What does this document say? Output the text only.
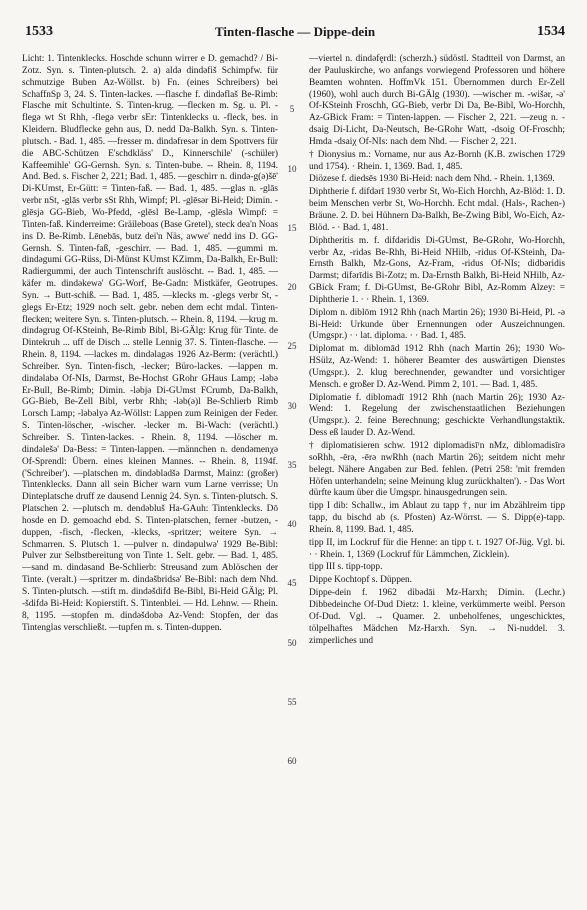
1533	Tinten-flasche — Dippe-dein	1534

Licht: 1. Tintenklecks. Hoschde schunn wirrer e D. gemachd? / Bi-Zotz. Syn. s. Tinten-plutsch. 2. a) aldə dindəfiš Schimpfw. für schmutzige Buben Az-Wöllst. b) Fn. (eines Schreibers) bei SchaffnSp 3, 24. S. Tinten-lackes. —flasche f. dindəflaš Be-Rimb: Flasche mit Schultinte. S. Tinten-krug. —flecken m. Sg. u. Pl. -flegə wt St Rhh, -flegə verbr sEr: Tintenklecks u. -fleck, bes. in Kleidern. Bludflecke gehn aus, D. nedd Da-Balkh. Syn. s. Tinten-plutsch. - Bad. 1, 485. —fresser m. dindəfresər in dem Spottvers für die ABC-Schützen E'schdkläss' D., Kinnerschile' (-schüler) Kaffeemihle' GG-Gernsh. Syn. s. Tinten-bube. -- Rhein. 8, 1194. And. Bed. s. Fischer 2, 221; Bad. 1, 485. —geschirr n. dində-g(ə)šē' Di-KUmst, Er-Gütt: = Tinten-faß. — Bad. 1, 485. —glas n. -glās verbr nSt, -glās verbr sSt Rhh, Wimpf; Pl. -glēsər Bi-Heid; Dimin. -glēsjə GG-Bieb, Wo-Pfedd, -glēsl Be-Lamp, -glēslə Wimpf: = Tinten-faß. Kinderreime: Gräileboas (Base Gretel), steck dea'n Noas ins D. Be-Rimb. Lēnebās, butz dei'n Näs, awwe' nedd ins D. GG-Gernsh. S. Tinten-faß, -geschirr. — Bad. 1, 485. —gummi m. dindəgumi GG-Rüss, Di-Münst KUmst KZimm, Da-Balkh, Er-Bull: Radiergummi, der auch Tintenschrift auslöscht. -- Bad. 1, 485. —käfer m. dindəkewə' GG-Worf, Be-Gadn: Mistkäfer, Geotrupes. Syn. → Butt-schiß. — Bad. 1, 485. —klecks m. -glegs verbr St, -glegs Er-Etz; 1929 noch selt. gebr. neben dem echt mdal. Tinten-flecken; weitere Syn. s. Tinten-plutsch. -- Rhein. 8, 1194. —krug m. dindəgrug Of-KSteinh, Be-Rimb Bibl, Bi-GÄlg: Krug für Tinte. de Dintekruh ... uff de Disch ... stelle Lennig 37. S. Tinten-flasche. — Rhein. 8, 1194. —lackes m. dindəlagəs 1926 Az-Berm: (verächtl.) Schreiber. Syn. Tinten-fisch, -lecker; Büro-lackes. —lappen m. dindəlabə Of-NIs, Darmst, Be-Hochst GRohr GHaus Lamp; -ləbə Er-Bull, Be-Rimb; Dimin. -ləbjə Di-GUmst FCrumb, Da-Balkh, GG-Bieb, Be-Zell Bibl, verbr Rhh; -ləb(ə)l Be-Schlierb Rimb Lorsch Lamp; -ləbəlyə Az-Wöllst: Lappen zum Reinigen der Feder. S. Tinten-löscher, -wischer. -lecker m. Bi-Wach: (verächtl.) Schreiber. S. Tinten-lackes. - Rhein. 8, 1194. —löscher m. dindəlešə' Da-Bess: = Tinten-lappen. —männchen n. dendəmenχə Of-Sprendl: Übern. eines kleinen Mannes. -- Rhein. 8, 1194f. ('Schreiber'). —platschen m. dindəbladšə Darmst, Mainz: (großer) Tintenklecks. Dann all sein Bicher warn vum Larne verrisse; Un Dinteplatsche druff ze dausend Lennig 24. Syn. s. Tinten-plutsch. S. Platschen 2. —plutsch m. dendəbluš Ha-GAuh: Tintenklecks. Dō hosde en D. gemoachd ebd. S. Tinten-platschen, ferner -butzen, -duppen, -fisch, -flecken, -klecks, -spritzer; weitere Syn. → Schmarren. S. Plutsch 1. —pulver n. dindəpulwə' 1929 Be-Bibl: Pulver zur Selbstbereitung von Tinte 1. Selt. gebr. — Bad. 1, 485. —sand m. dindəsand Be-Schlierb: Streusand zum Ablöschen der Tinte. (veralt.) —spritzer m. dindəšbridsə' Be-Bibl: nach dem Nhd. S. Tinten-plutsch. —stift m. dindəšdifd Be-Bibl, Bi-Heid GÄlg; Pl. -šdifdə Bi-Heid: Kopierstift. S. Tintenblei. — Hd. Lehnw. — Rhein. 8, 1195. —stopfen m. dindəšdobə Az-Vend: Stopfen, der das Tintenglas verschließt. —tupfen m. s. Tinten-duppen.

5
10
15
20
25
30
35
40
45
50
55
60

—viertel n. dindəfęrdl: (scherzh.) südöstl. Stadtteil von Darmst, an der Pauluskirche, wo anfangs vorwiegend Professoren und höhere Beamten wohnten. HoffmVk 151. Übernommen durch Er-Zell (1960), wohl auch durch Bi-GÄlg (1930). —wischer m. -wišər, -ə' Of-KSteinh Froschh, GG-Bieb, verbr Di Da, Be-Bibl, Wo-Horchh, Az-GBick Fram: = Tinten-lappen. — Fischer 2, 221. —zeug n. -dsaig Di-Licht, Da-Neutsch, Be-GRohr Watt, -dsoig Of-Froschh; Hmda -dsaiχ Of-NIs: nach dem Nhd. — Fischer 2, 221.

† Dionysius m.: Vorname, nur aus Az-Bornh (K.B. zwischen 1729 und 1754). · Rhein. 1, 1369. Bad. 1, 485.

Diözese f. diedsēs 1930 Bi-Heid: nach dem Nhd. - Rhein. 1,1369.

Diphtherie f. difdərī 1930 verbr St, Wo-Eich Horchh, Az-Blöd: 1. D. beim Menschen verbr St, Wo-Horchh. Echt mdal. (Hals-, Rachen-) Bräune. 2. D. bei Hühnern Da-Balkh, Be-Zwing Bibl, Wo-Eich, Az-Blöd. - · Bad. 1, 481.

Diphtheritis m. f. difdəridis Di-GUmst, Be-GRohr, Wo-Horchh, verbr Az, -ridəs Be-Rhh, Bi-Heid NHilb, -ridus Of-KSteinh, Da-Ernsth Balkh, Mz-Gons, Az-Fram, -ridus Of-NIs; didbəridis Darmst; difərīdis Bi-Zotz; m. Da-Ernsth Balkh, Bi-Heid NHilb, Az-GBick Fram; f. Di-GUmst, Be-GRohr Bibl, Az-Romm Alzey: = Diphtherie 1. · · Rhein. 1, 1369.

Diplom n. diblōm 1912 Rhh (nach Martin 26); 1930 Bi-Heid, Pl. -ə Bi-Heid: Urkunde über Ernennungen oder Auszeichnungen. (Umgspr.) · · lat. diploma. · · Bad. 1, 485.

Diplomat m. diblomād 1912 Rhh (nach Martin 26); 1930 Wo-HSülz, Az-Wend: 1. höherer Beamter des auswärtigen Dienstes (Umgspr.). 2. klug berechnender, gewandter und vorsichtiger Mensch. e großer D. Az-Wend. Pimm 2, 101. — Bad. 1, 485.

Diplomatie f. diblomadī 1912 Rhh (nach Martin 26); 1930 Az-Wend: 1. Regelung der zwischenstaatlichen Beziehungen (Umgspr.). 2. feine Berechnung; geschickte Verhandlungstaktik. Dess eß lauder D. Az-Wend.

† diplomatisieren schw. 1912 diplomadisīʳn nMz, diblomadisīrə soRhh, -ērə, -ērə nwRhh (nach Martin 26); seitdem nicht mehr belegt. Nähere Angaben zur Bed. fehlen. (Petri 258: 'mit fremden Höfen unterhandeln; seine Meinung klug zurückhalten'). - Das Wort dürfte kaum über die Umgspr. hinausgedrungen sein.

tipp I dib: Schallw., im Ablaut zu tapp †, nur im Abzählreim tipp tapp, du bischd ab (s. Pfosten) Az-Wörrst. — S. Dipp(e)-tapp. Rhein. 8, 1199. Bad. 1, 485.

tipp II, im Lockruf für die Henne: an tipp t. t. 1927 Of-Jüg. Vgl. bi. · · Rhein. 1, 1369 (Lockruf für Lämmchen, Zicklein).

tipp III s. tipp-topp.

Dippe Kochtopf s. Düppen.

Dippe-dein f. 1962 dibədāi Mz-Harxh; Dimin. (Lechr.) Dibbedeinche Of-Dud Dietz: 1. kleine, verkümmerte weibl. Person Of-Dud. Vgl. → Quamer. 2. unbeholfenes, ungeschicktes, tölpelhaftes Mädchen Mz-Harxh. Syn. → Ni-nuddel. 3. zimperliches und
